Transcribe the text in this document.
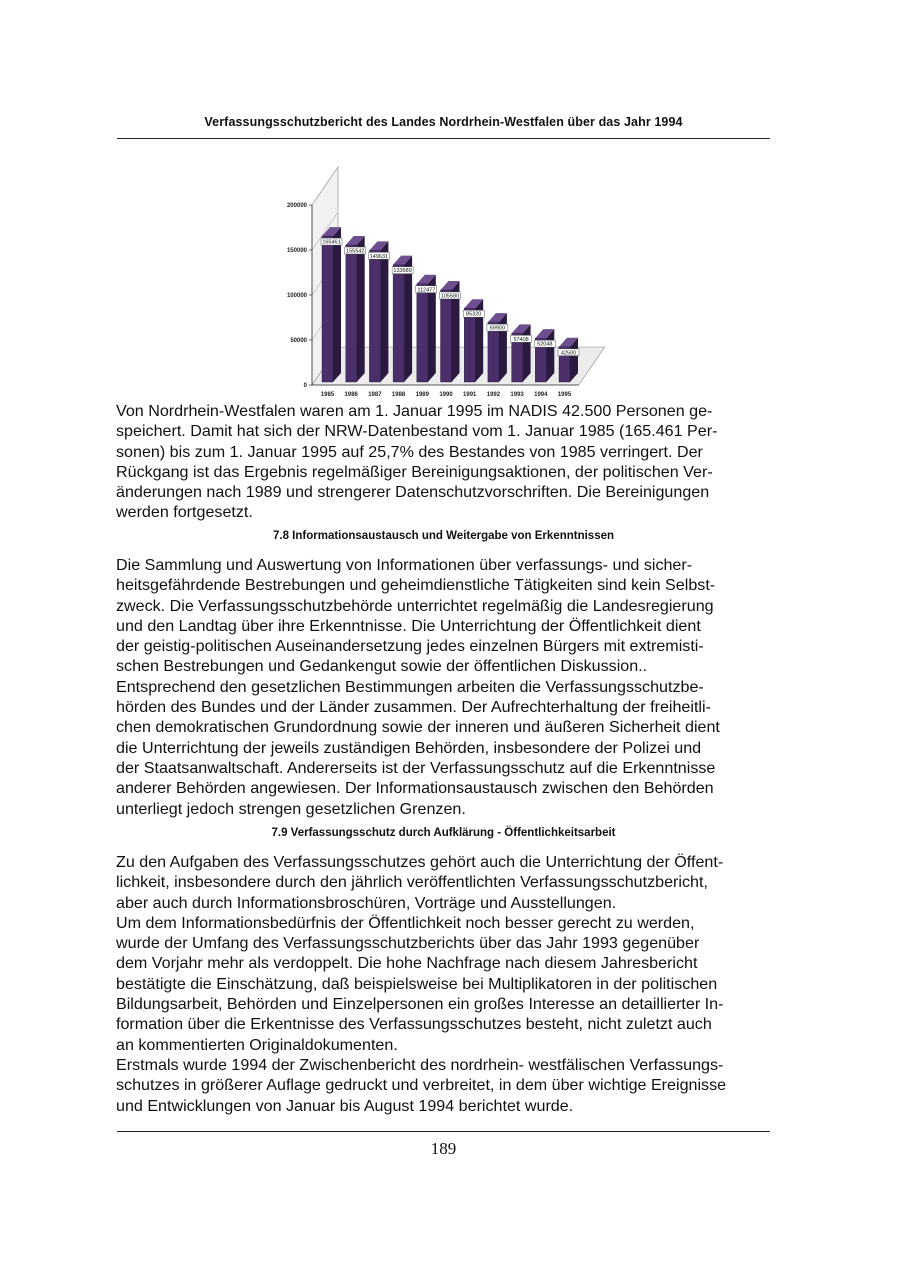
Verfassungsschutzbericht des Landes Nordrhein-Westfalen über das Jahr 1994
0
50000
100000
150000
200000
165461
1985
155542
1986
149631
1987
133689
1988
112477
1989
105580
1990
85320
1991
69900
1992
57408
1993
52048
1994
42500
1995
Von Nordrhein-Westfalen waren am 1. Januar 1995 im NADIS 42.500 Personen ge-
speichert. Damit hat sich der NRW-Datenbestand vom 1. Januar 1985 (165.461 Per-
sonen) bis zum 1. Januar 1995 auf 25,7% des Bestandes von 1985 verringert. Der
Rückgang ist das Ergebnis regelmäßiger Bereinigungsaktionen, der politischen Ver-
änderungen nach 1989 und strengerer Datenschutzvorschriften. Die Bereinigungen
werden fortgesetzt.
7.8 Informationsaustausch und Weitergabe von Erkenntnissen
Die Sammlung und Auswertung von Informationen über verfassungs- und sicher-
heitsgefährdende Bestrebungen und geheimdienstliche Tätigkeiten sind kein Selbst-
zweck. Die Verfassungsschutzbehörde unterrichtet regelmäßig die Landesregierung
und den Landtag über ihre Erkenntnisse. Die Unterrichtung der Öffentlichkeit dient
der geistig-politischen Auseinandersetzung jedes einzelnen Bürgers mit extremisti-
schen Bestrebungen und Gedankengut sowie der öffentlichen Diskussion..
Entsprechend den gesetzlichen Bestimmungen arbeiten die Verfassungsschutzbe-
hörden des Bundes und der Länder zusammen. Der Aufrechterhaltung der freiheitli-
chen demokratischen Grundordnung sowie der inneren und äußeren Sicherheit dient
die Unterrichtung der jeweils zuständigen Behörden, insbesondere der Polizei und
der Staatsanwaltschaft. Andererseits ist der Verfassungsschutz auf die Erkenntnisse
anderer Behörden angewiesen. Der Informationsaustausch zwischen den Behörden
unterliegt jedoch strengen gesetzlichen Grenzen.
7.9 Verfassungsschutz durch Aufklärung - Öffentlichkeitsarbeit
Zu den Aufgaben des Verfassungsschutzes gehört auch die Unterrichtung der Öffent-
lichkeit, insbesondere durch den jährlich veröffentlichten Verfassungsschutzbericht,
aber auch durch Informationsbroschüren, Vorträge und Ausstellungen.
Um dem Informationsbedürfnis der Öffentlichkeit noch besser gerecht zu werden,
wurde der Umfang des Verfassungsschutzberichts über das Jahr 1993 gegenüber
dem Vorjahr mehr als verdoppelt. Die hohe Nachfrage nach diesem Jahresbericht
bestätigte die Einschätzung, daß beispielsweise bei Multiplikatoren in der politischen
Bildungsarbeit, Behörden und Einzelpersonen ein großes Interesse an detaillierter In-
formation über die Erkentnisse des Verfassungsschutzes besteht, nicht zuletzt auch
an kommentierten Originaldokumenten.
Erstmals wurde 1994 der Zwischenbericht des nordrhein- westfälischen Verfassungs-
schutzes in größerer Auflage gedruckt und verbreitet, in dem über wichtige Ereignisse
und Entwicklungen von Januar bis August 1994 berichtet wurde.
189
